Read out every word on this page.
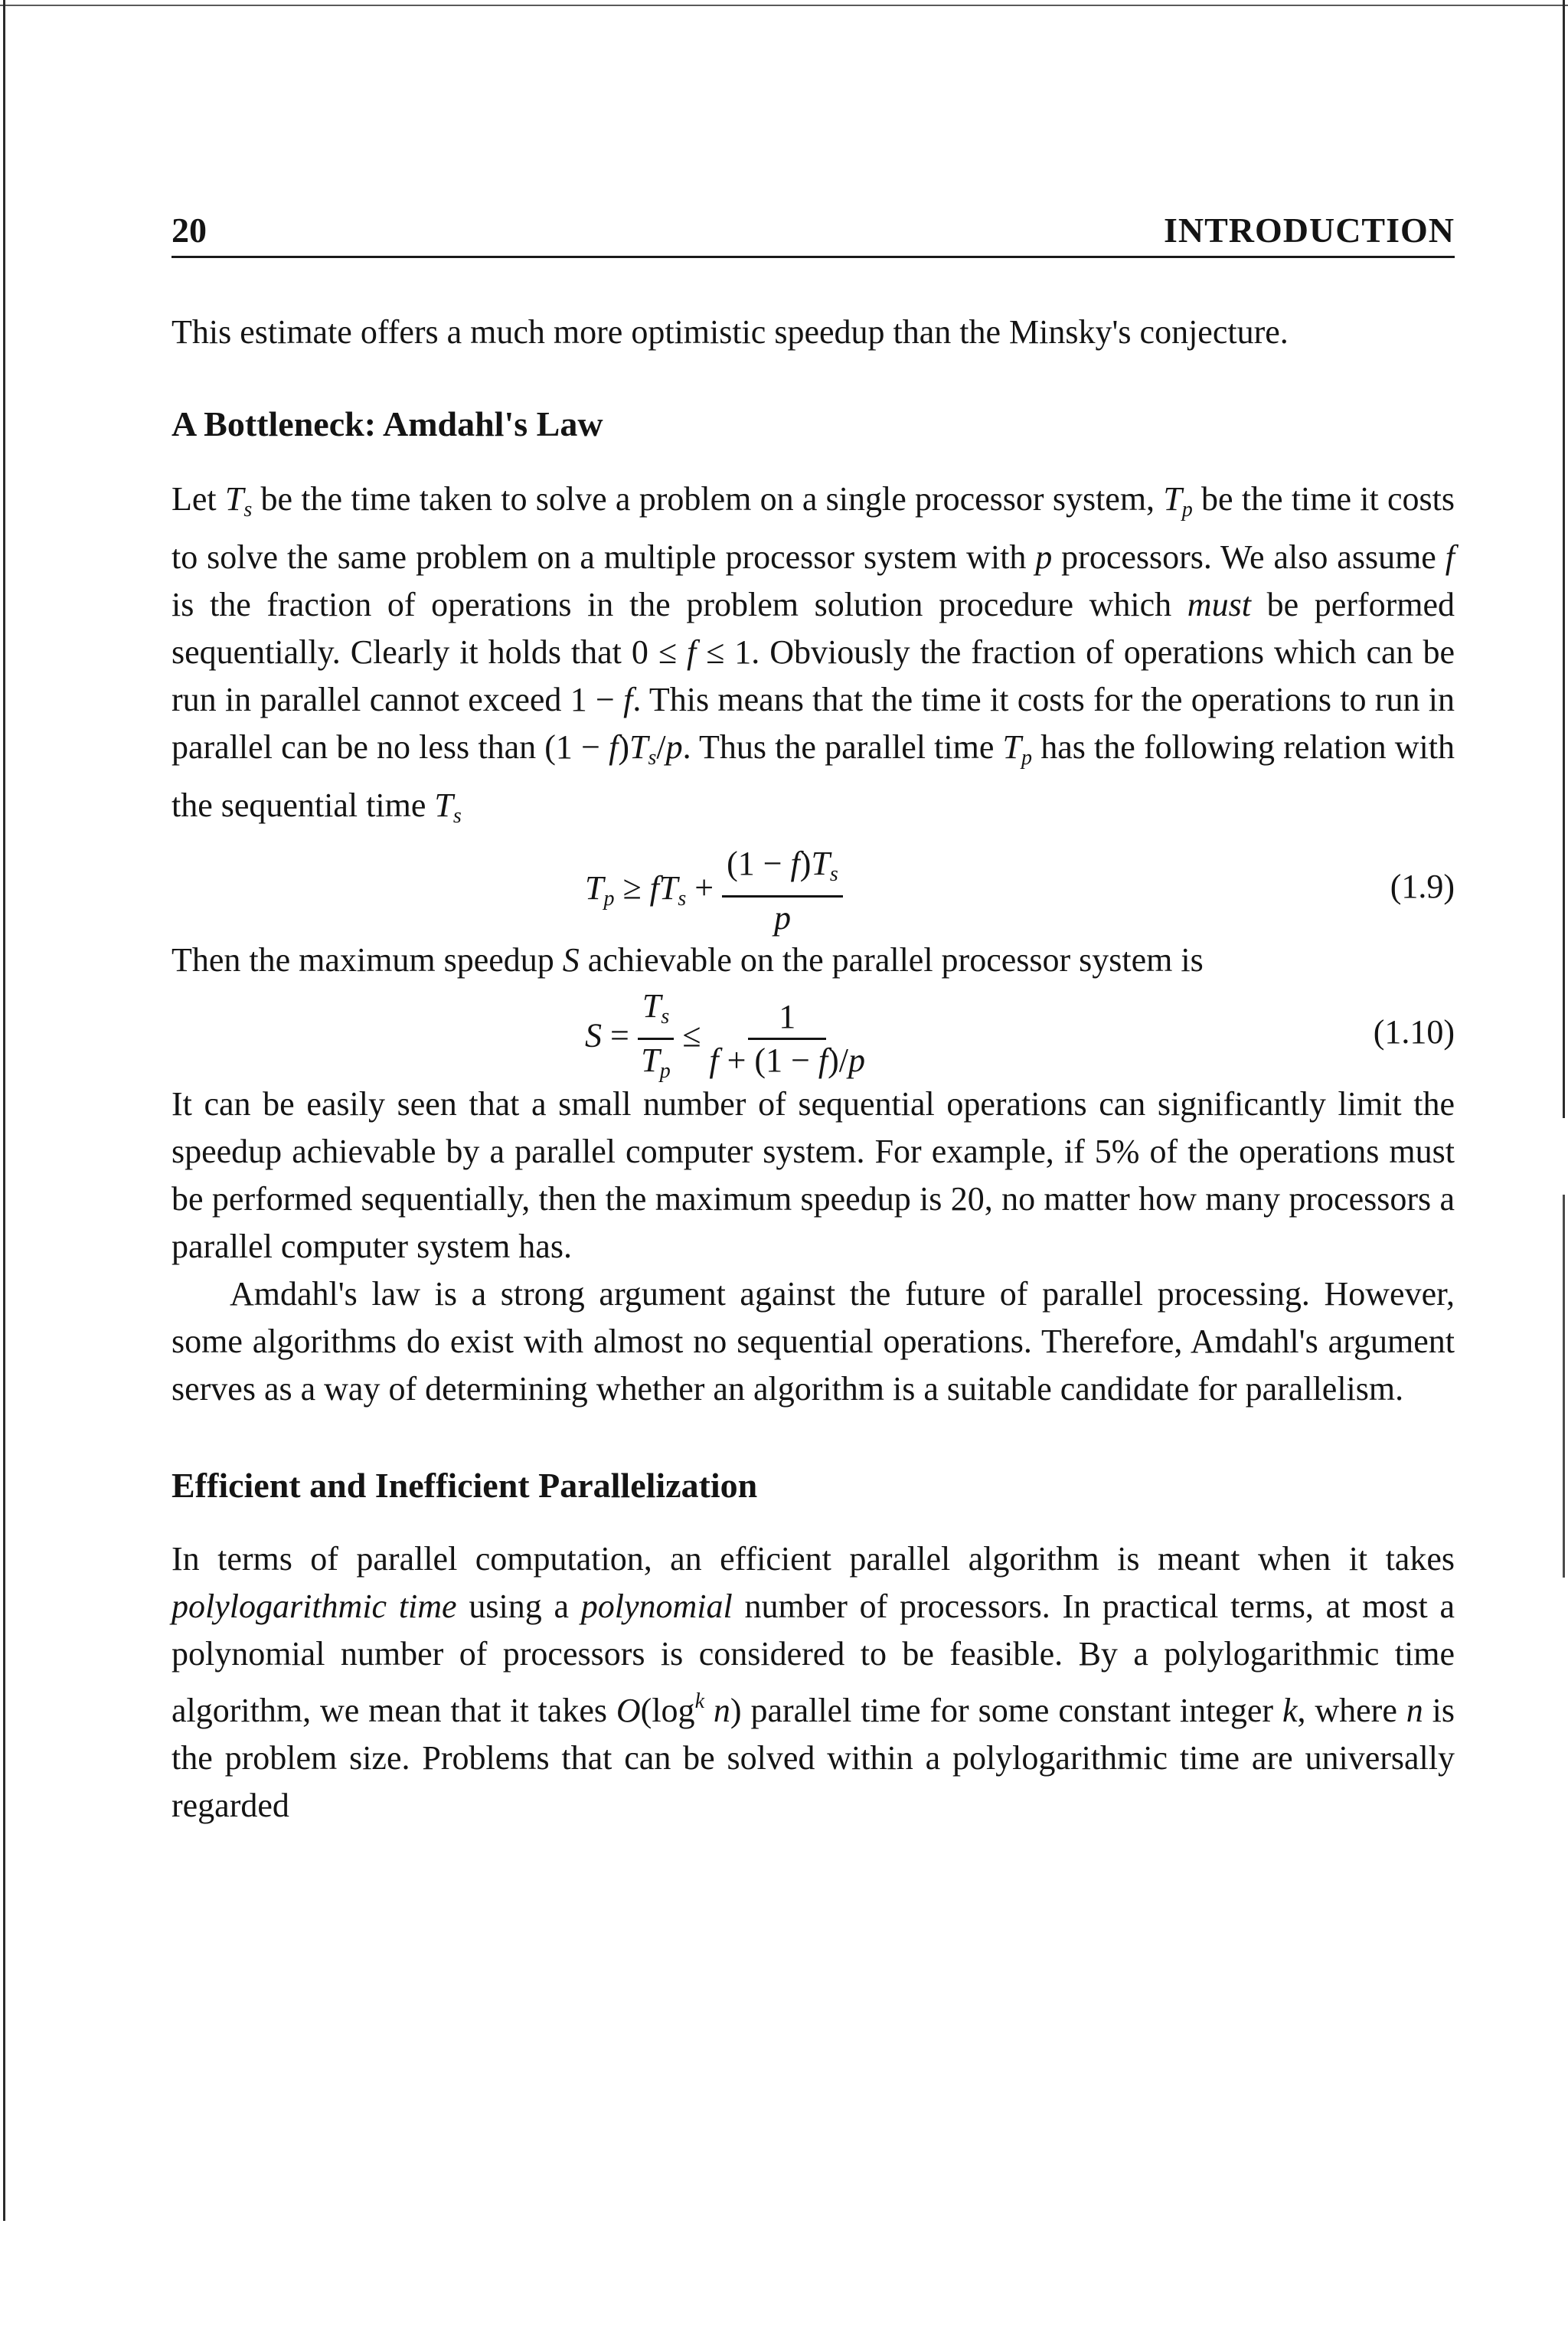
20	INTRODUCTION

This estimate offers a much more optimistic speedup than the Minsky's conjecture.

A Bottleneck: Amdahl's Law

Let $T_s$ be the time taken to solve a problem on a single processor system, $T_p$ be the time it costs to solve the same problem on a multiple processor system with p processors. We also assume f is the fraction of operations in the problem solution procedure which must be performed sequentially. Clearly it holds that 0 ≤ f ≤ 1. Obviously the fraction of operations which can be run in parallel cannot exceed 1 − f. This means that the time it costs for the operations to run in parallel can be no less than $(1 - f)T_s/p$. Thus the parallel time $T_p$ has the following relation with the sequential time $T_s$

$T_p \ge fT_s + \frac{(1 - f)T_s}{p}$	(1.9)

Then the maximum speedup S achievable on the parallel processor system is

$S = \frac{T_s}{T_p} \le \frac{1}{f + (1 - f)/p}$	(1.10)

It can be easily seen that a small number of sequential operations can significantly limit the speedup achievable by a parallel computer system. For example, if 5% of the operations must be performed sequentially, then the maximum speedup is 20, no matter how many processors a parallel computer system has.

Amdahl's law is a strong argument against the future of parallel processing. However, some algorithms do exist with almost no sequential operations. Therefore, Amdahl's argument serves as a way of determining whether an algorithm is a suitable candidate for parallelism.

Efficient and Inefficient Parallelization

In terms of parallel computation, an efficient parallel algorithm is meant when it takes polylogarithmic time using a polynomial number of processors. In practical terms, at most a polynomial number of processors is considered to be feasible. By a polylogarithmic time algorithm, we mean that it takes $O(\log^k$ n) parallel time for some constant integer k, where n is the problem size. Problems that can be solved within a polylogarithmic time are universally regarded
